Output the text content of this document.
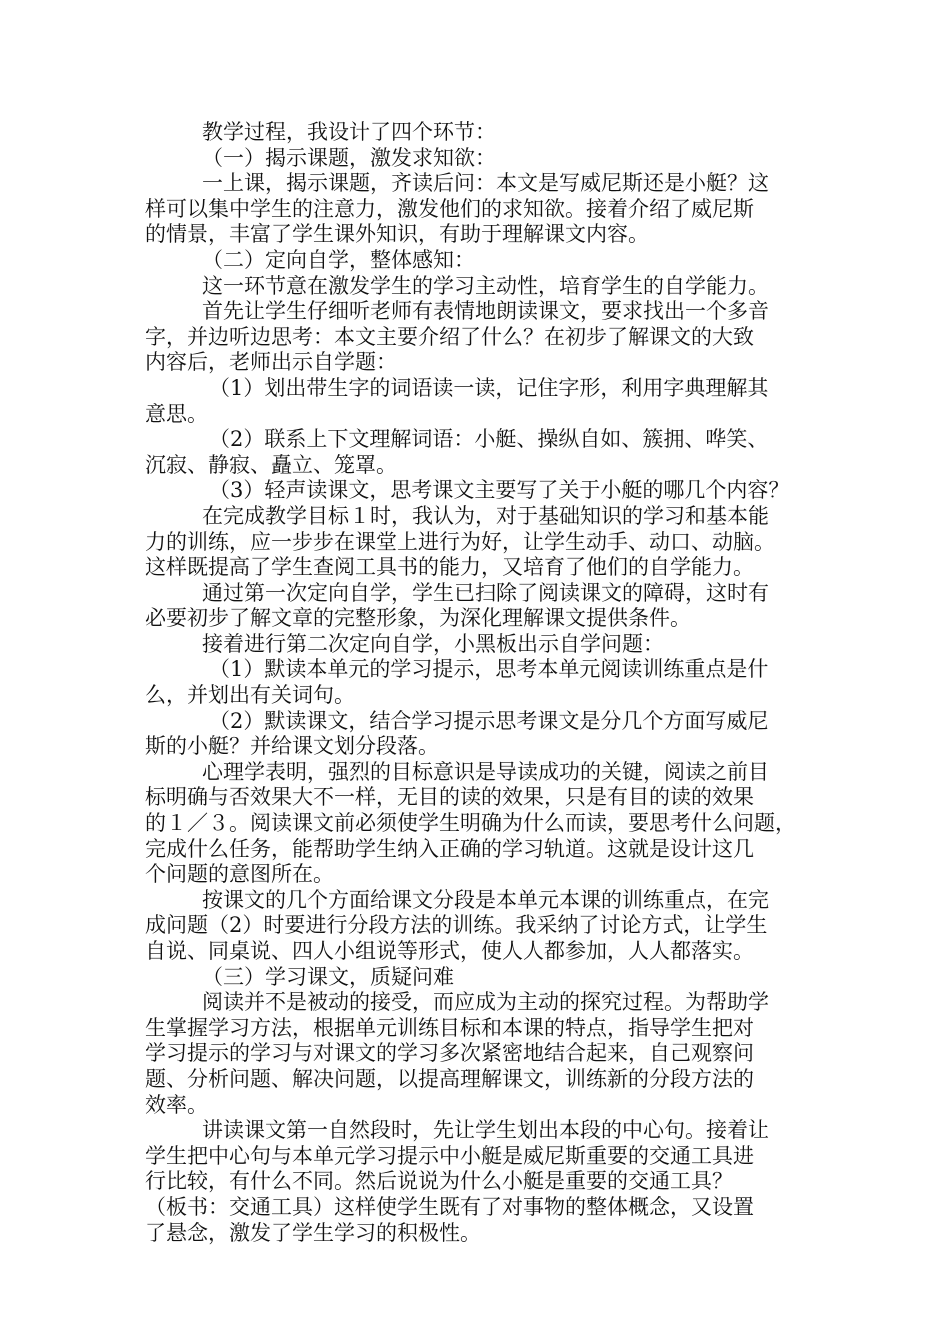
教学过程，我设计了四个环节：
（一）揭示课题，激发求知欲：
一上课，揭示课题，齐读后问：本文是写威尼斯还是小艇？这
样可以集中学生的注意力，激发他们的求知欲。接着介绍了威尼斯
的情景，丰富了学生课外知识，有助于理解课文内容。
（二）定向自学，整体感知：
这一环节意在激发学生的学习主动性，培育学生的自学能力。
首先让学生仔细听老师有表情地朗读课文，要求找出一个多音
字，并边听边思考：本文主要介绍了什么？在初步了解课文的大致
内容后，老师出示自学题：
（1）划出带生字的词语读一读，记住字形，利用字典理解其
意思。
（2）联系上下文理解词语：小艇、操纵自如、簇拥、哗笑、
沉寂、静寂、矗立、笼罩。
（3）轻声读课文，思考课文主要写了关于小艇的哪几个内容？
在完成教学目标１时，我认为，对于基础知识的学习和基本能
力的训练，应一步步在课堂上进行为好，让学生动手、动口、动脑。
这样既提高了学生查阅工具书的能力，又培育了他们的自学能力。
通过第一次定向自学，学生已扫除了阅读课文的障碍，这时有
必要初步了解文章的完整形象，为深化理解课文提供条件。
接着进行第二次定向自学，小黑板出示自学问题：
（1）默读本单元的学习提示，思考本单元阅读训练重点是什
么，并划出有关词句。
（2）默读课文，结合学习提示思考课文是分几个方面写威尼
斯的小艇？并给课文划分段落。
心理学表明，强烈的目标意识是导读成功的关键，阅读之前目
标明确与否效果大不一样，无目的读的效果，只是有目的读的效果
的１／３。阅读课文前必须使学生明确为什么而读，要思考什么问题，
完成什么任务，能帮助学生纳入正确的学习轨道。这就是设计这几
个问题的意图所在。
按课文的几个方面给课文分段是本单元本课的训练重点，在完
成问题（2）时要进行分段方法的训练。我采纳了讨论方式，让学生
自说、同桌说、四人小组说等形式，使人人都参加，人人都落实。
（三）学习课文，质疑问难
阅读并不是被动的接受，而应成为主动的探究过程。为帮助学
生掌握学习方法，根据单元训练目标和本课的特点，指导学生把对
学习提示的学习与对课文的学习多次紧密地结合起来，自己观察问
题、分析问题、解决问题，以提高理解课文，训练新的分段方法的
效率。
讲读课文第一自然段时，先让学生划出本段的中心句。接着让
学生把中心句与本单元学习提示中小艇是威尼斯重要的交通工具进
行比较，有什么不同。然后说说为什么小艇是重要的交通工具？
（板书：交通工具）这样使学生既有了对事物的整体概念，又设置
了悬念，激发了学生学习的积极性。
